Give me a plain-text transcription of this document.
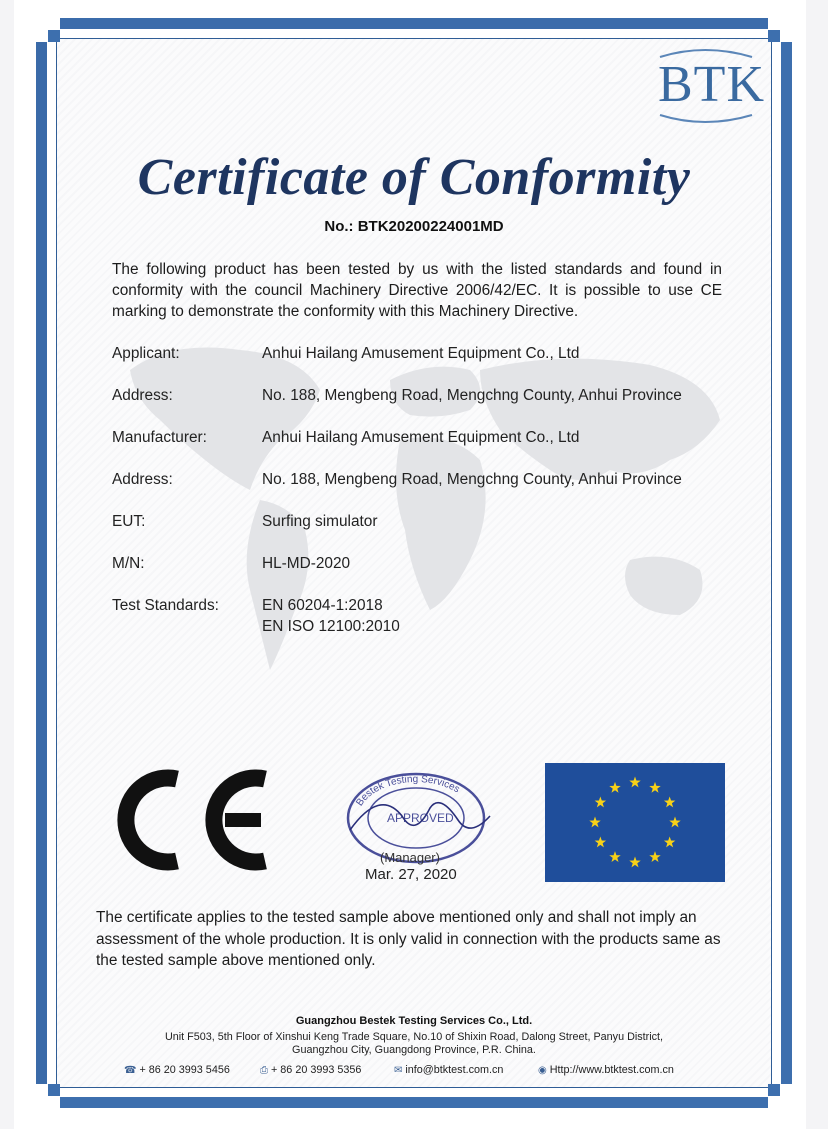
BTK
Certificate of Conformity
No.: BTK20200224001MD
The following product has been tested by us with the listed standards and found in conformity with the council Machinery Directive 2006/42/EC. It is possible to use CE marking to demonstrate the conformity with this Machinery Directive.
Applicant:	Anhui Hailang Amusement Equipment Co., Ltd
Address:	No. 188, Mengbeng Road, Mengchng County, Anhui Province
Manufacturer:	Anhui Hailang Amusement Equipment Co., Ltd
Address:	No. 188, Mengbeng Road, Mengchng County, Anhui Province
EUT:	Surfing simulator
M/N:	HL-MD-2020
Test Standards:	EN 60204-1:2018
EN ISO 12100:2010
Bestek Testing Services
APPROVED
(Manager)
Mar. 27, 2020
The certificate applies to the tested sample above mentioned only and shall not imply an assessment of the whole production. It is only valid in connection with the products same as the tested sample above mentioned only.
Guangzhou Bestek Testing Services Co., Ltd.
Unit F503, 5th Floor of Xinshui Keng Trade Square, No.10 of Shixin Road, Dalong Street, Panyu District,
Guangzhou City, Guangdong Province, P.R. China.
☎ + 86 20 3993 5456	⎙ + 86 20 3993 5356	✉ info@btktest.com.cn	◉ Http://www.btktest.com.cn
